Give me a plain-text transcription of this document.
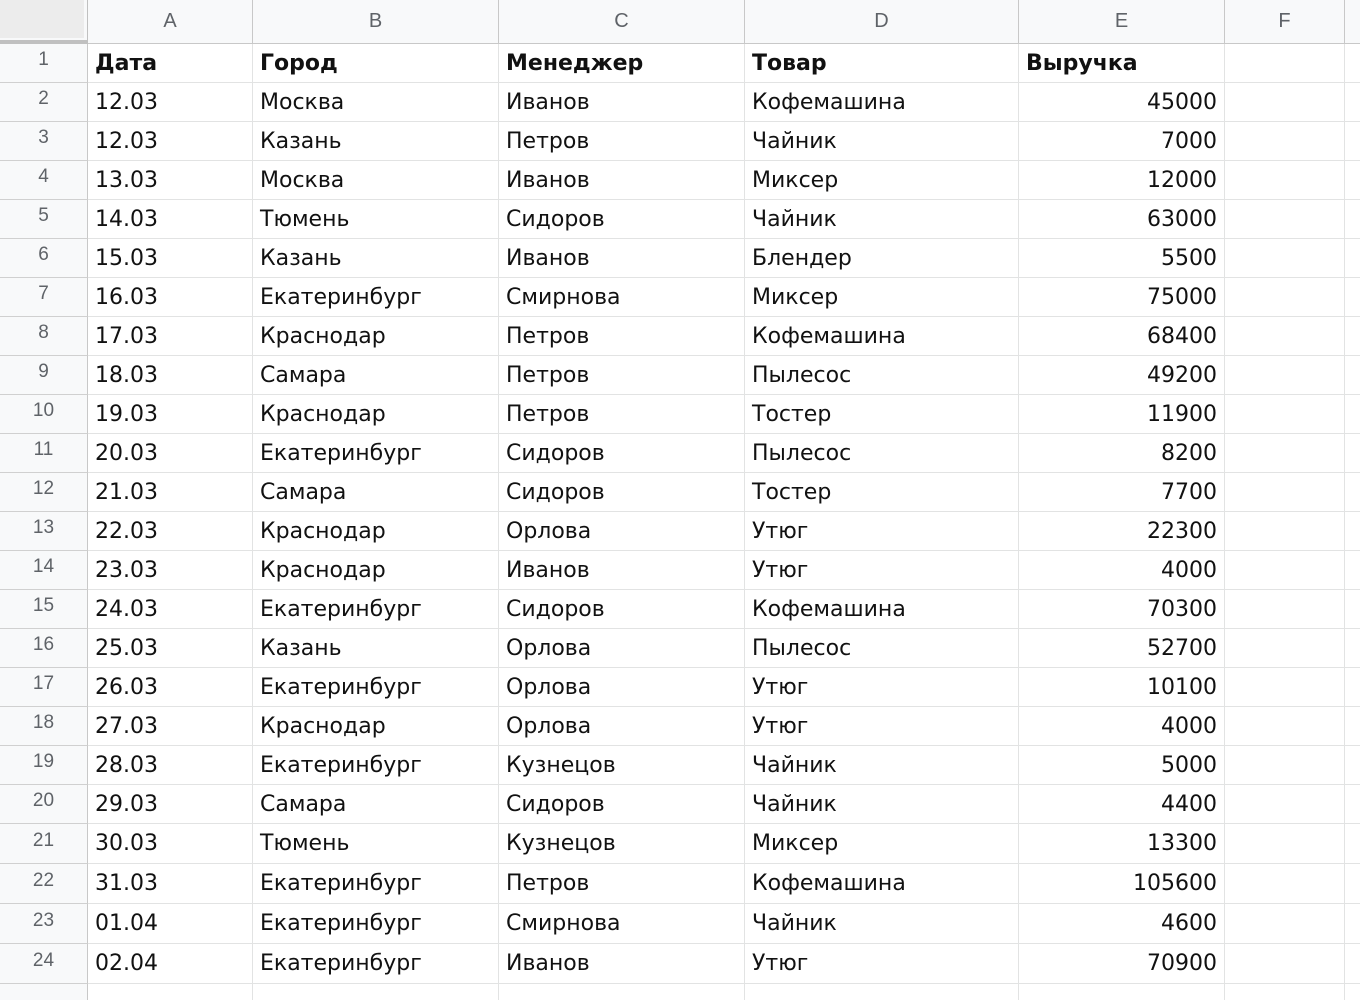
A	B	C	D	E	F
1	Дата	Город	Менеджер	Товар	Выручка
2	12.03	Москва	Иванов	Кофемашина	45000
3	12.03	Казань	Петров	Чайник	7000
4	13.03	Москва	Иванов	Миксер	12000
5	14.03	Тюмень	Сидоров	Чайник	63000
6	15.03	Казань	Иванов	Блендер	5500
7	16.03	Екатеринбург	Смирнова	Миксер	75000
8	17.03	Краснодар	Петров	Кофемашина	68400
9	18.03	Самара	Петров	Пылесос	49200
10	19.03	Краснодар	Петров	Тостер	11900
11	20.03	Екатеринбург	Сидоров	Пылесос	8200
12	21.03	Самара	Сидоров	Тостер	7700
13	22.03	Краснодар	Орлова	Утюг	22300
14	23.03	Краснодар	Иванов	Утюг	4000
15	24.03	Екатеринбург	Сидоров	Кофемашина	70300
16	25.03	Казань	Орлова	Пылесос	52700
17	26.03	Екатеринбург	Орлова	Утюг	10100
18	27.03	Краснодар	Орлова	Утюг	4000
19	28.03	Екатеринбург	Кузнецов	Чайник	5000
20	29.03	Самара	Сидоров	Чайник	4400
21	30.03	Тюмень	Кузнецов	Миксер	13300
22	31.03	Екатеринбург	Петров	Кофемашина	105600
23	01.04	Екатеринбург	Смирнова	Чайник	4600
24	02.04	Екатеринбург	Иванов	Утюг	70900
